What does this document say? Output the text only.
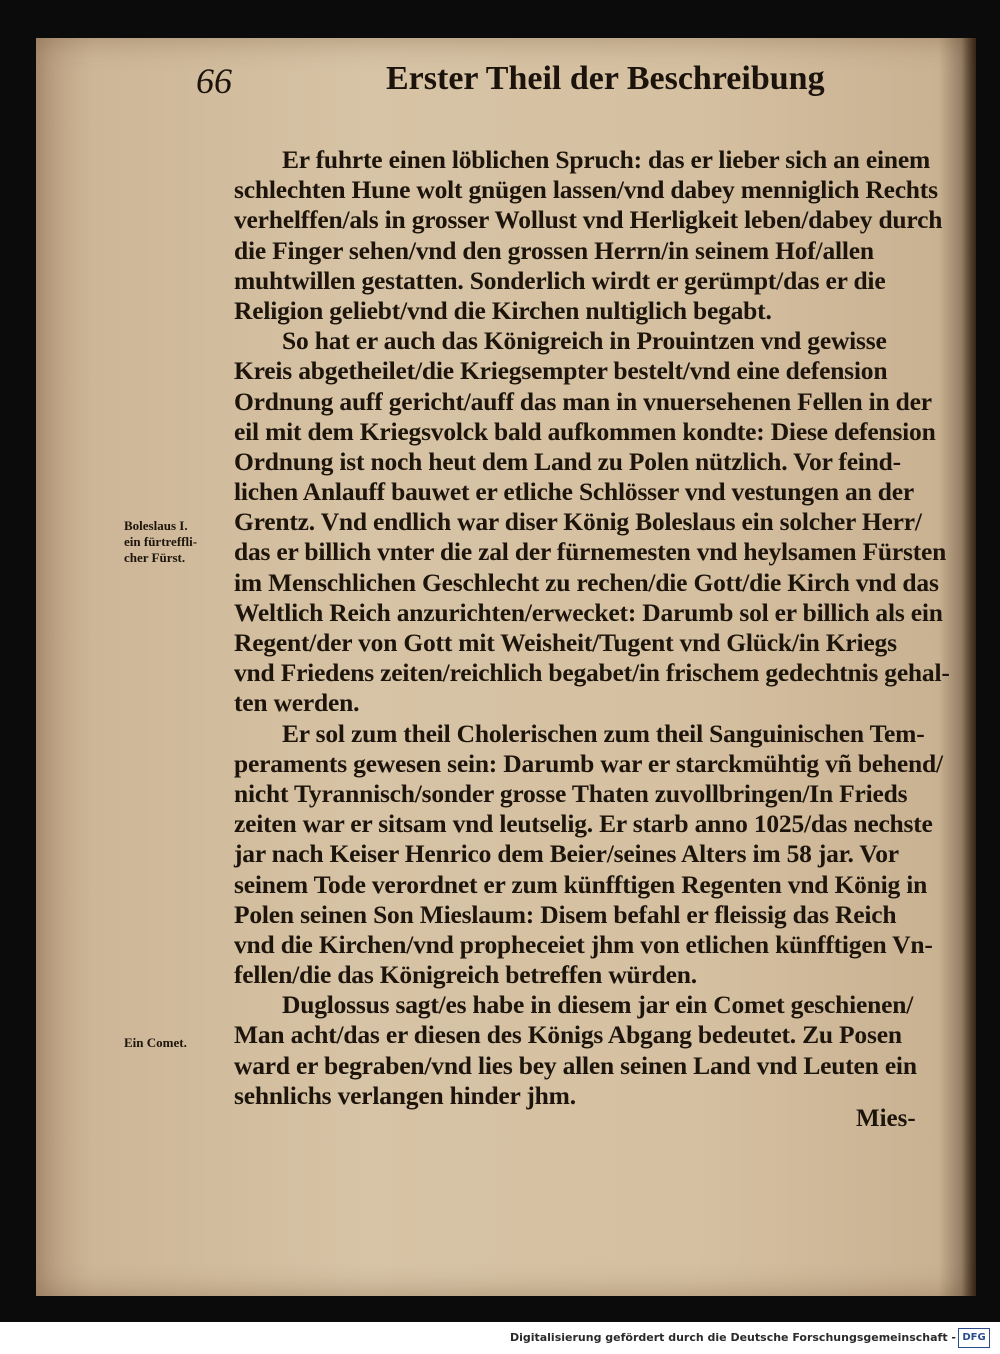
66	Erster Theil der Beschreibung
Er fuhrte einen löblichen Spruch: das er lieber sich an einem
schlechten Hune wolt gnügen lassen/vnd dabey menniglich Rechts
verhelffen/als in grosser Wollust vnd Herligkeit leben/dabey durch
die Finger sehen/vnd den grossen Herrn/in seinem Hof/allen
muhtwillen gestatten. Sonderlich wirdt er gerümpt/das er die
Religion geliebt/vnd die Kirchen nultiglich begabt.
So hat er auch das Königreich in Prouintzen vnd gewisse
Kreis abgetheilet/die Kriegsempter bestelt/vnd eine defension
Ordnung auff gericht/auff das man in vnuersehenen Fellen in der
eil mit dem Kriegsvolck bald aufkommen kondte: Diese defension
Ordnung ist noch heut dem Land zu Polen nützlich. Vor feind-
lichen Anlauff bauwet er etliche Schlösser vnd vestungen an der
Grentz. Vnd endlich war diser König Boleslaus ein solcher Herr/
das er billich vnter die zal der fürnemesten vnd heylsamen Fürsten
im Menschlichen Geschlecht zu rechen/die Gott/die Kirch vnd das
Weltlich Reich anzurichten/erwecket: Darumb sol er billich als ein
Regent/der von Gott mit Weisheit/Tugent vnd Glück/in Kriegs
vnd Friedens zeiten/reichlich begabet/in frischem gedechtnis gehal-
ten werden.
Er sol zum theil Cholerischen zum theil Sanguinischen Tem-
peraments gewesen sein: Darumb war er starckmühtig vñ behend/
nicht Tyrannisch/sonder grosse Thaten zuvollbringen/In Frieds
zeiten war er sitsam vnd leutselig. Er starb anno 1025/das nechste
jar nach Keiser Henrico dem Beier/seines Alters im 58 jar. Vor
seinem Tode verordnet er zum künfftigen Regenten vnd König in
Polen seinen Son Mieslaum: Disem befahl er fleissig das Reich
vnd die Kirchen/vnd propheceiet jhm von etlichen künfftigen Vn-
fellen/die das Königreich betreffen würden.
Duglossus sagt/es habe in diesem jar ein Comet geschienen/
Man acht/das er diesen des Königs Abgang bedeutet. Zu Posen
ward er begraben/vnd lies bey allen seinen Land vnd Leuten ein
sehnlichs verlangen hinder jhm.
Boleslaus I.
ein fürtreffli-
cher Fürst.
Ein Comet.
Mies-
Digitalisierung gefördert durch die Deutsche Forschungsgemeinschaft - DFG
